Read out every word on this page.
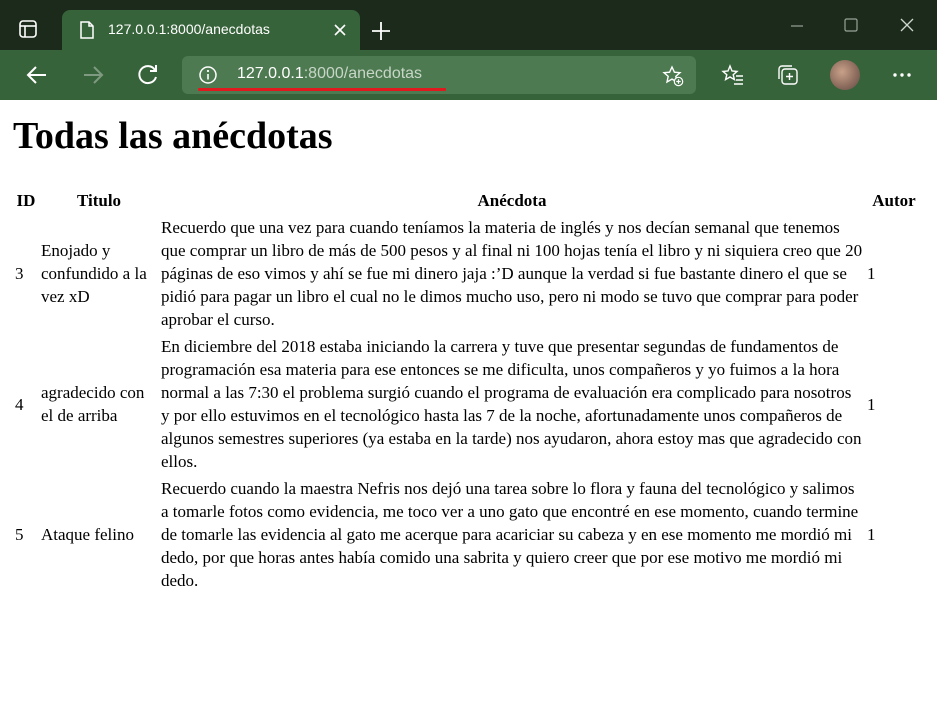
127.0.0.1:8000/anecdotas
127.0.0.1:8000/anecdotas
Todas las anécdotas
ID	Titulo	Anécdota	Autor
3	Enojado y confundido a la vez xD	Recuerdo que una vez para cuando teníamos la materia de inglés y nos decían semanal que tenemos que comprar un libro de más de 500 pesos y al final ni 100 hojas tenía el libro y ni siquiera creo que 20 páginas de eso vimos y ahí se fue mi dinero jaja :’D aunque la verdad si fue bastante dinero el que se pidió para pagar un libro el cual no le dimos mucho uso, pero ni modo se tuvo que comprar para poder aprobar el curso.	1
4	agradecido con el de arriba	En diciembre del 2018 estaba iniciando la carrera y tuve que presentar segundas de fundamentos de programación esa materia para ese entonces se me dificulta, unos compañeros y yo fuimos a la hora normal a las 7:30 el problema surgió cuando el programa de evaluación era complicado para nosotros y por ello estuvimos en el tecnológico hasta las 7 de la noche, afortunadamente unos compañeros de algunos semestres superiores (ya estaba en la tarde) nos ayudaron, ahora estoy mas que agradecido con ellos.	1
5	Ataque felino	Recuerdo cuando la maestra Nefris nos dejó una tarea sobre lo flora y fauna del tecnológico y salimos a tomarle fotos como evidencia, me toco ver a uno gato que encontré en ese momento, cuando termine de tomarle las evidencia al gato me acerque para acariciar su cabeza y en ese momento me mordió mi dedo, por que horas antes había comido una sabrita y quiero creer que por ese motivo me mordió mi dedo.	1
